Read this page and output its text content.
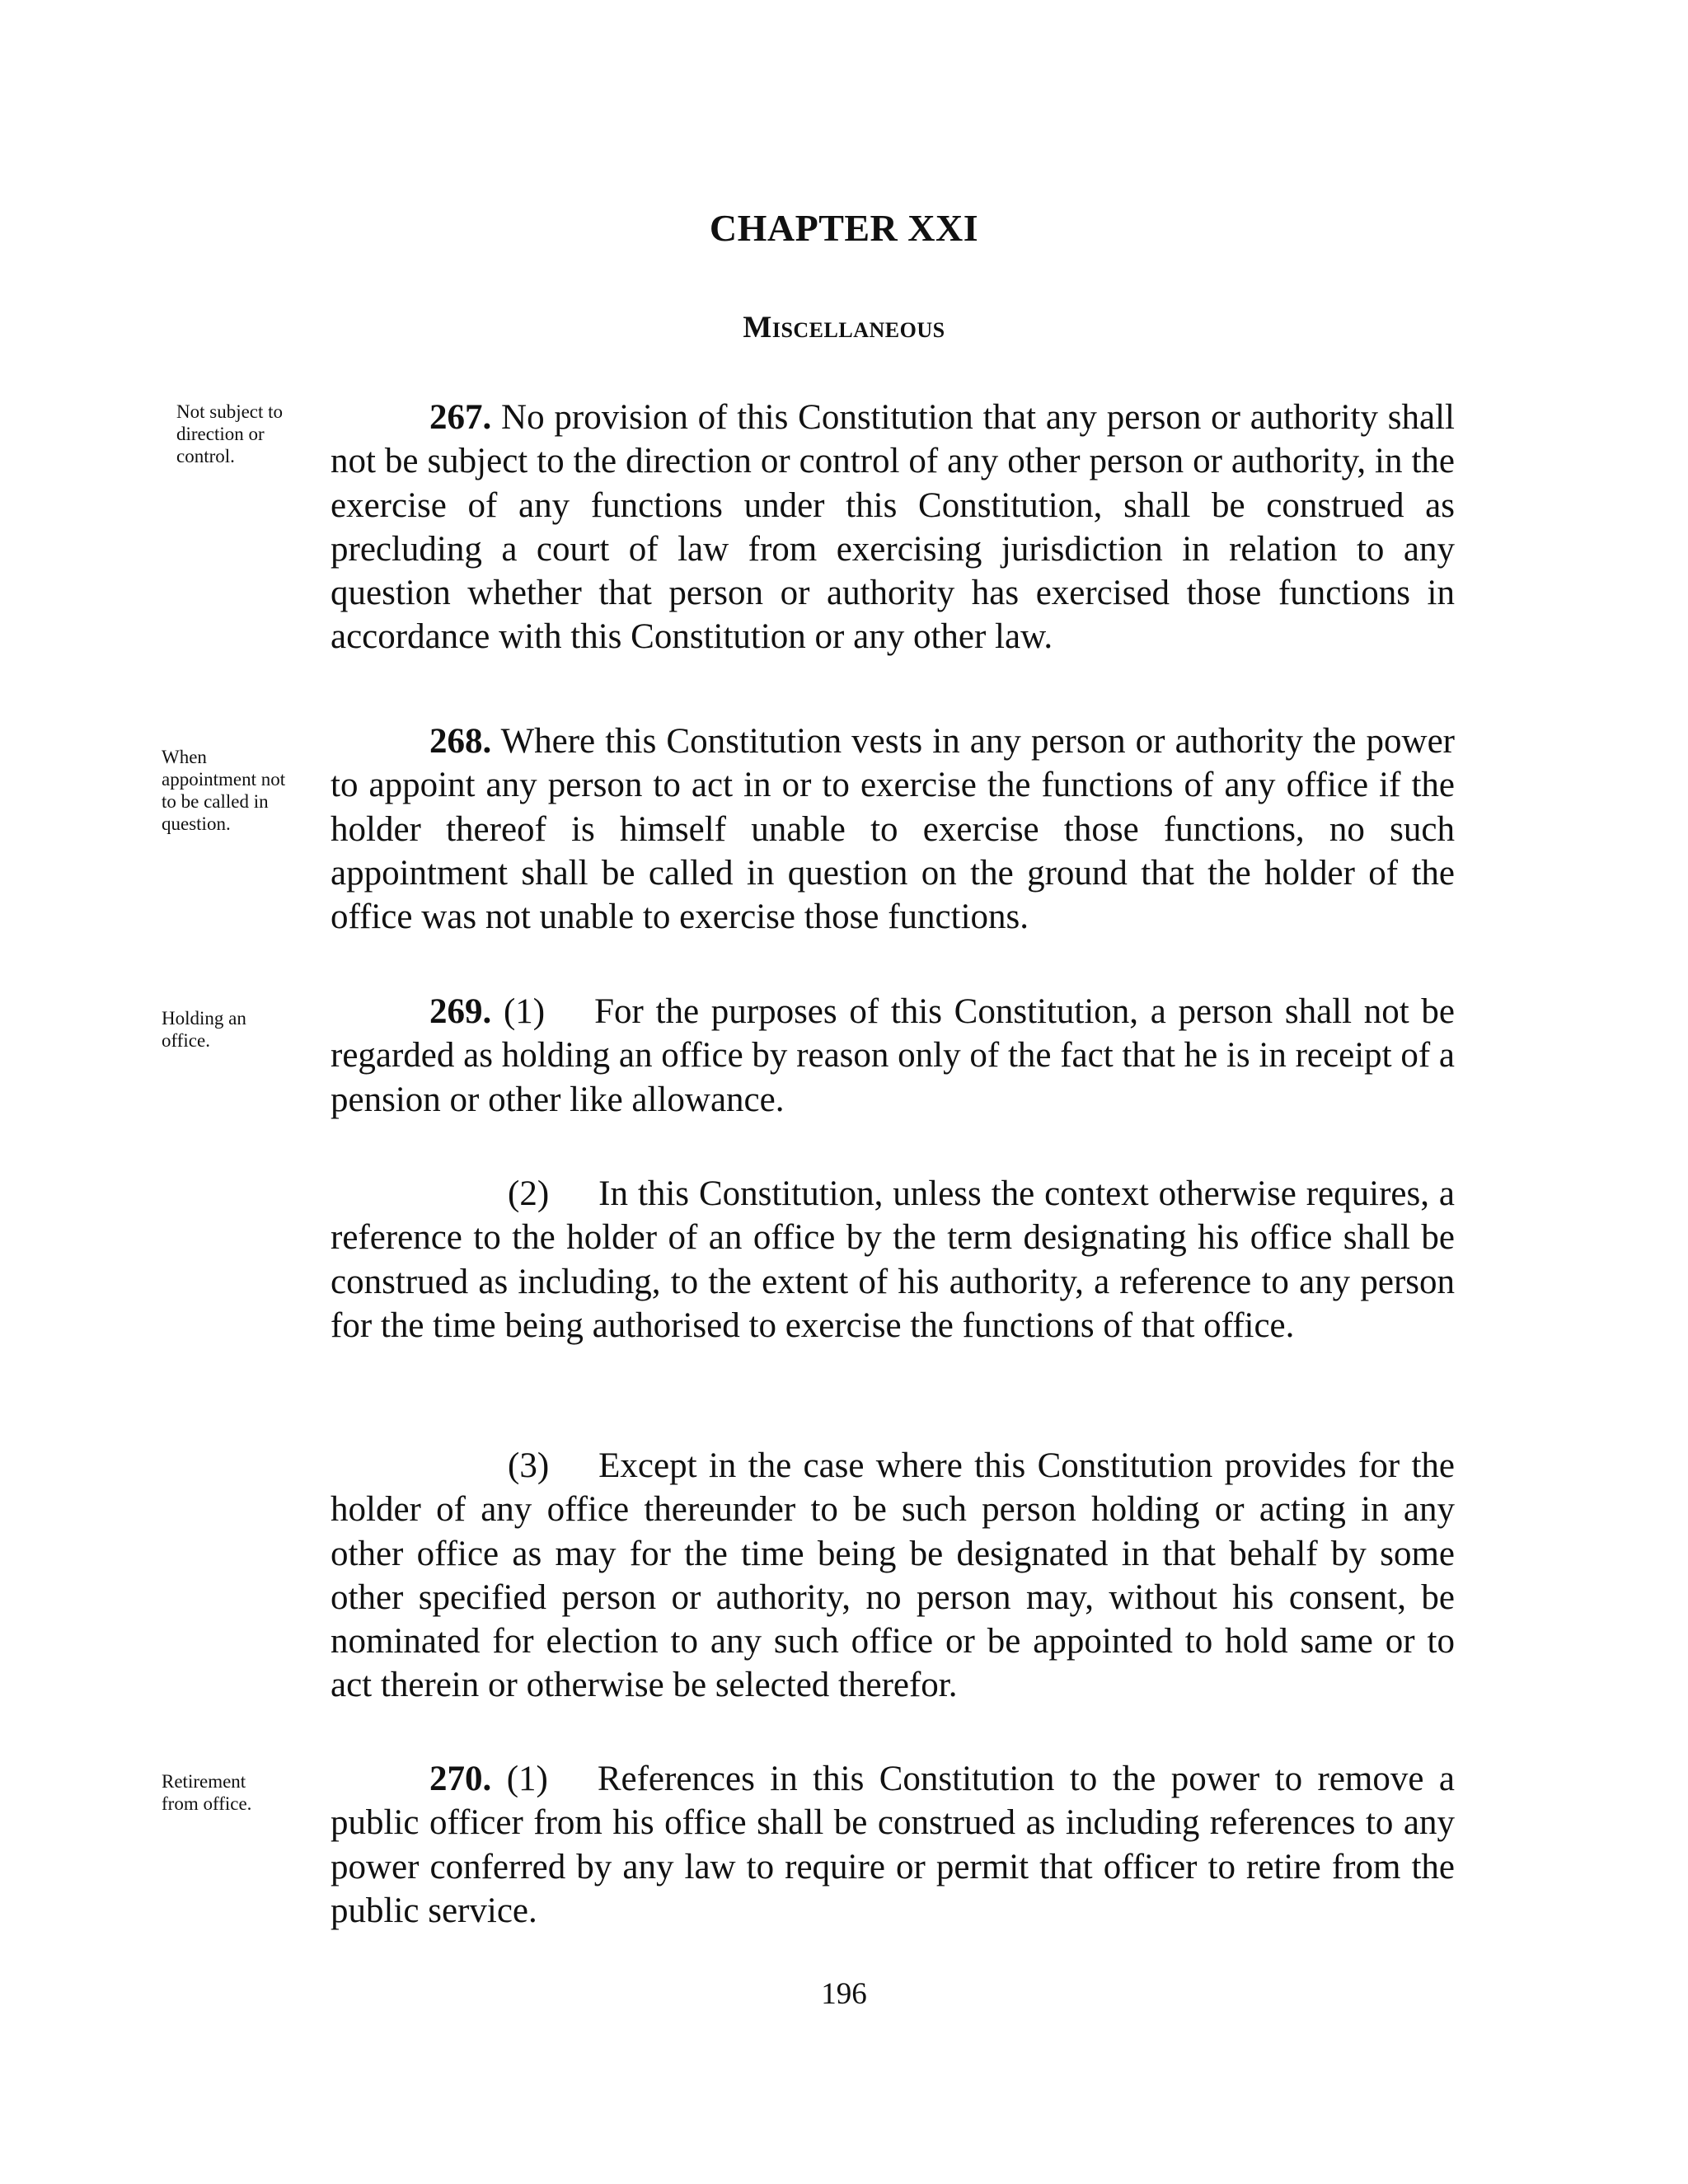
CHAPTER XXI
Miscellaneous
Not subject to direction or control.

267. No provision of this Constitution that any person or authority shall not be subject to the direction or control of any other person or authority, in the exercise of any functions under this Constitution, shall be construed as precluding a court of law from exercising jurisdiction in relation to any question whether that person or authority has exercised those functions in accordance with this Constitution or any other law.

When appointment not to be called in question.

268. Where this Constitution vests in any person or authority the power to appoint any person to act in or to exercise the functions of any office if the holder thereof is himself unable to exercise those functions, no such appointment shall be called in question on the ground that the holder of the office was not unable to exercise those functions.

Holding an office.

269. (1) For the purposes of this Constitution, a person shall not be regarded as holding an office by reason only of the fact that he is in receipt of a pension or other like allowance.

(2) In this Constitution, unless the context otherwise requires, a reference to the holder of an office by the term designating his office shall be construed as including, to the extent of his authority, a reference to any person for the time being authorised to exercise the functions of that office.

(3) Except in the case where this Constitution provides for the holder of any office thereunder to be such person holding or acting in any other office as may for the time being be designated in that behalf by some other specified person or authority, no person may, without his consent, be nominated for election to any such office or be appointed to hold same or to act therein or otherwise be selected therefor.

Retirement from office.

270. (1) References in this Constitution to the power to remove a public officer from his office shall be construed as including references to any power conferred by any law to require or permit that officer to retire from the public service.

196
